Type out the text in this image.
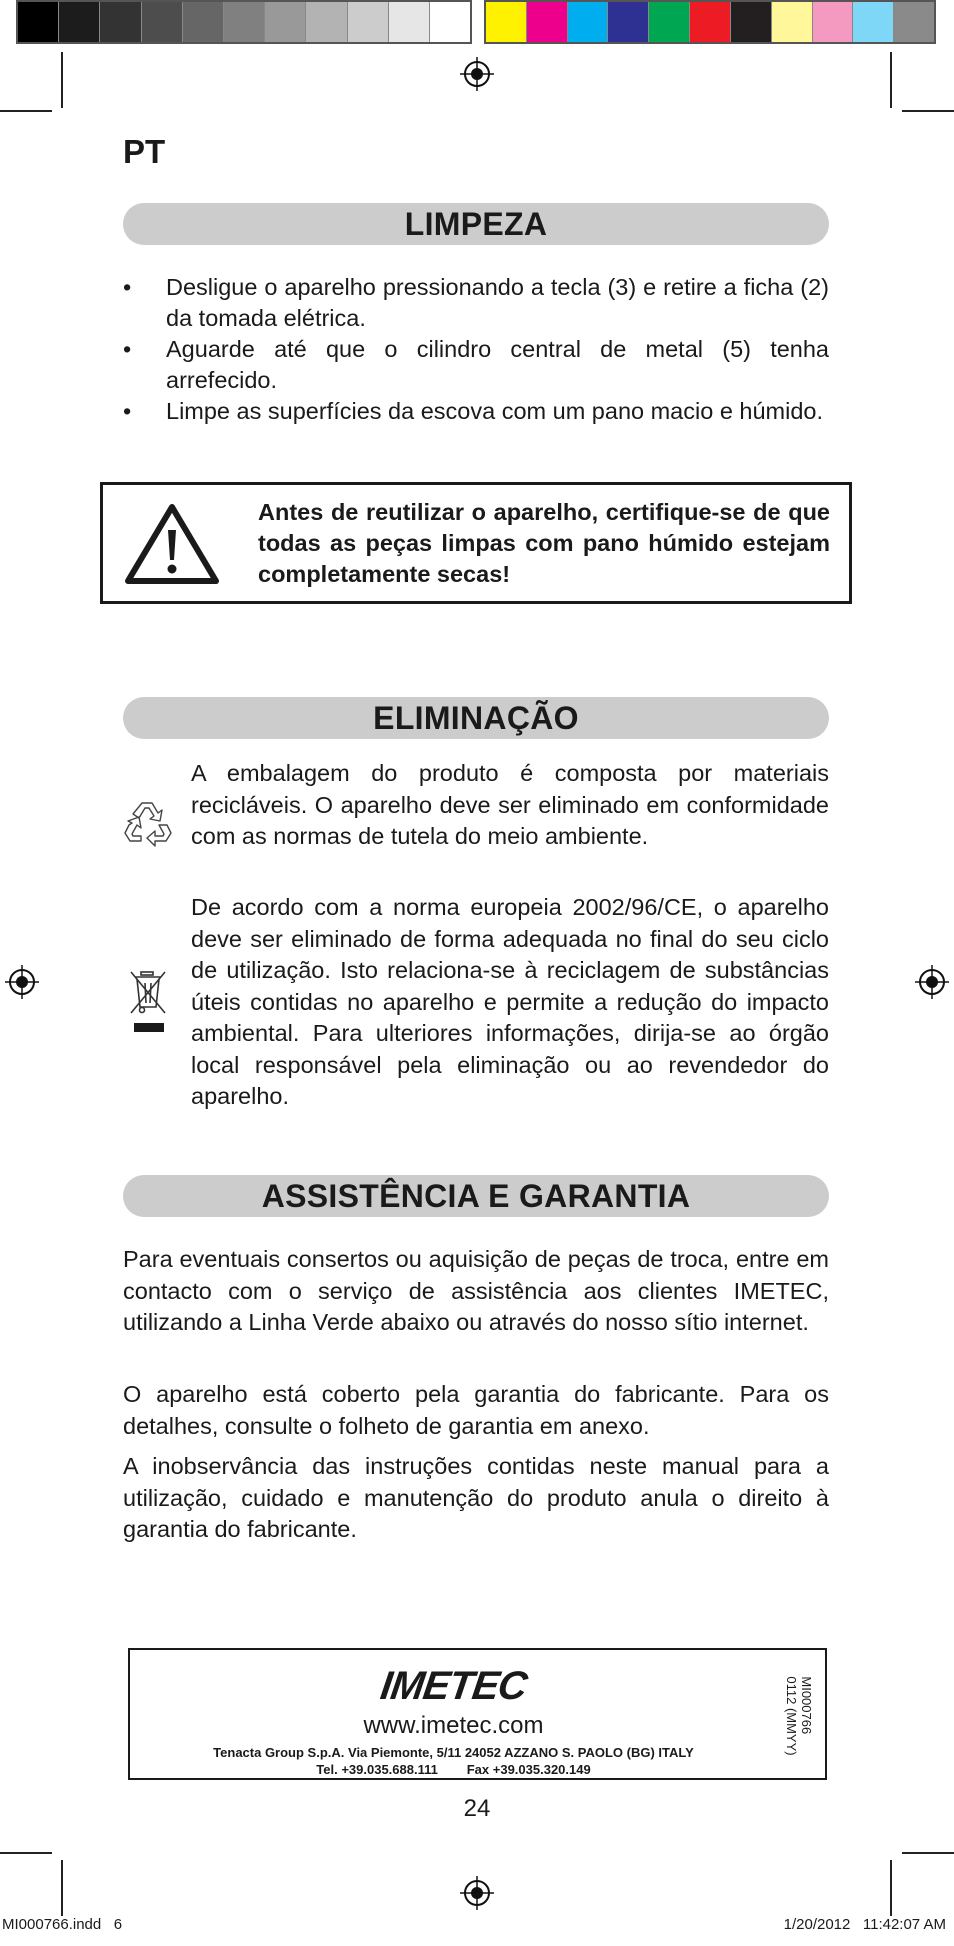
PT
LIMPEZA
• Desligue o aparelho pressionando a tecla (3) e retire a ficha (2) da tomada elétrica.
• Aguarde até que o cilindro central de metal (5) tenha arrefecido.
• Limpe as superfícies da escova com um pano macio e húmido.
Antes de reutilizar o aparelho, certifique-se de que todas as peças limpas com pano húmido estejam completamente secas!
ELIMINAÇÃO
A embalagem do produto é composta por materiais recicláveis. O aparelho deve ser eliminado em conformidade com as normas de tutela do meio ambiente.
De acordo com a norma europeia 2002/96/CE, o aparelho deve ser eliminado de forma adequada no final do seu ciclo de utilização. Isto relaciona-se à reciclagem de substâncias úteis contidas no aparelho e permite a redução do impacto ambiental. Para ulteriores informações, dirija-se ao órgão local responsável pela eliminação ou ao revendedor do aparelho.
ASSISTÊNCIA E GARANTIA

Para eventuais consertos ou aquisição de peças de troca, entre em contacto com o serviço de assistência aos clientes IMETEC, utilizando a Linha Verde abaixo ou através do nosso sítio internet.

O aparelho está coberto pela garantia do fabricante. Para os detalhes, consulte o folheto de garantia em anexo.

A inobservância das instruções contidas neste manual para a utilização, cuidado e manutenção do produto anula o direito à garantia do fabricante.

IMETEC
www.imetec.com
Tenacta Group S.p.A. Via Piemonte, 5/11 24052 AZZANO S. PAOLO (BG) ITALY
Tel. +39.035.688.111        Fax +39.035.320.149
MI000766
0112 (MMYY)
24
MI000766.indd   6	1/20/2012   11:42:07 AM
